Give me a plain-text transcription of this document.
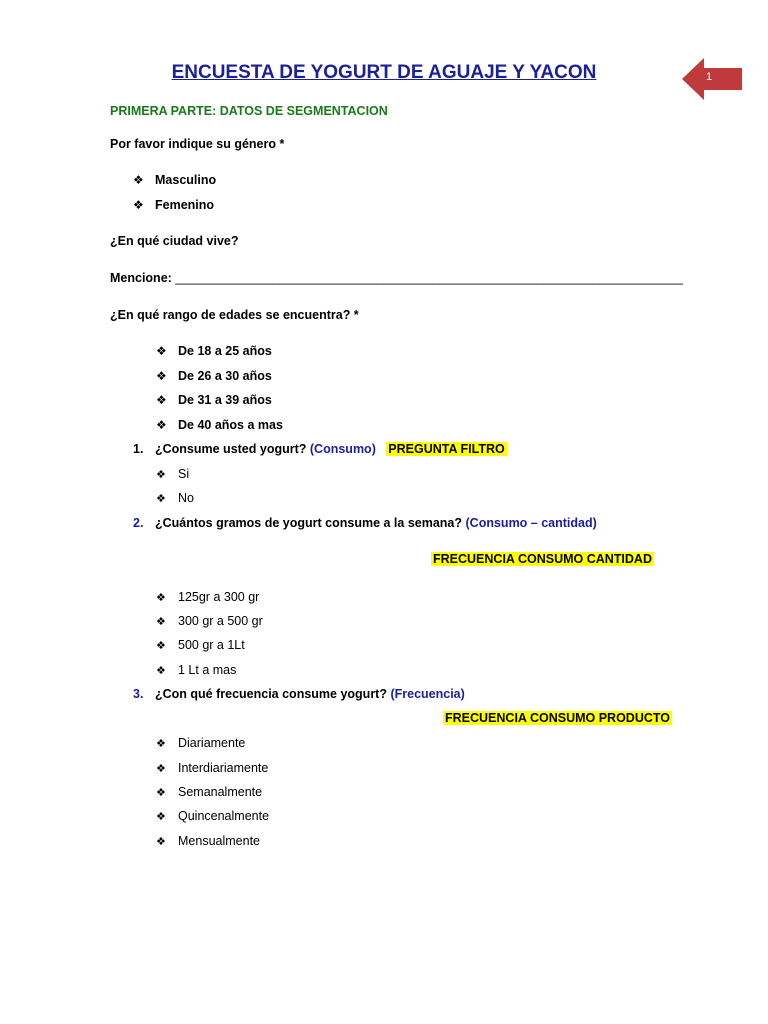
ENCUESTA DE YOGURT DE AGUAJE Y YACON	1
PRIMERA PARTE: DATOS DE SEGMENTACION
Por favor indique su género *
❖ Masculino
❖ Femenino
¿En qué ciudad vive?
Mencione: _________________________________________________________________________
¿En qué rango de edades se encuentra? *
❖ De 18 a 25 años
❖ De 26 a 30 años
❖ De 31 a 39 años
❖ De 40 años a mas
1. ¿Consume usted yogurt? (Consumo) PREGUNTA FILTRO
❖ Si
❖ No
2. ¿Cuántos gramos de yogurt consume a la semana? (Consumo – cantidad)
FRECUENCIA CONSUMO CANTIDAD
❖ 125gr a 300 gr
❖ 300 gr a 500 gr
❖ 500 gr a 1Lt
❖ 1 Lt a mas
3. ¿Con qué frecuencia consume yogurt? (Frecuencia)
FRECUENCIA CONSUMO PRODUCTO
❖ Diariamente
❖ Interdiariamente
❖ Semanalmente
❖ Quincenalmente
❖ Mensualmente
